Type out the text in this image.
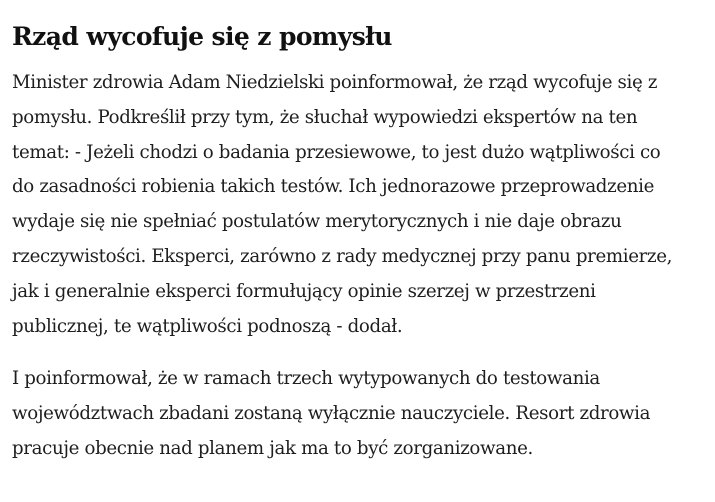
Rząd wycofuje się z pomysłu

Minister zdrowia Adam Niedzielski poinformował, że rząd wycofuje się z
pomysłu. Podkreślił przy tym, że słuchał wypowiedzi ekspertów na ten
temat: - Jeżeli chodzi o badania przesiewowe, to jest dużo wątpliwości co
do zasadności robienia takich testów. Ich jednorazowe przeprowadzenie
wydaje się nie spełniać postulatów merytorycznych i nie daje obrazu
rzeczywistości. Eksperci, zarówno z rady medycznej przy panu premierze,
jak i generalnie eksperci formułujący opinie szerzej w przestrzeni
publicznej, te wątpliwości podnoszą - dodał.

I poinformował, że w ramach trzech wytypowanych do testowania
województwach zbadani zostaną wyłącznie nauczyciele. Resort zdrowia
pracuje obecnie nad planem jak ma to być zorganizowane.
